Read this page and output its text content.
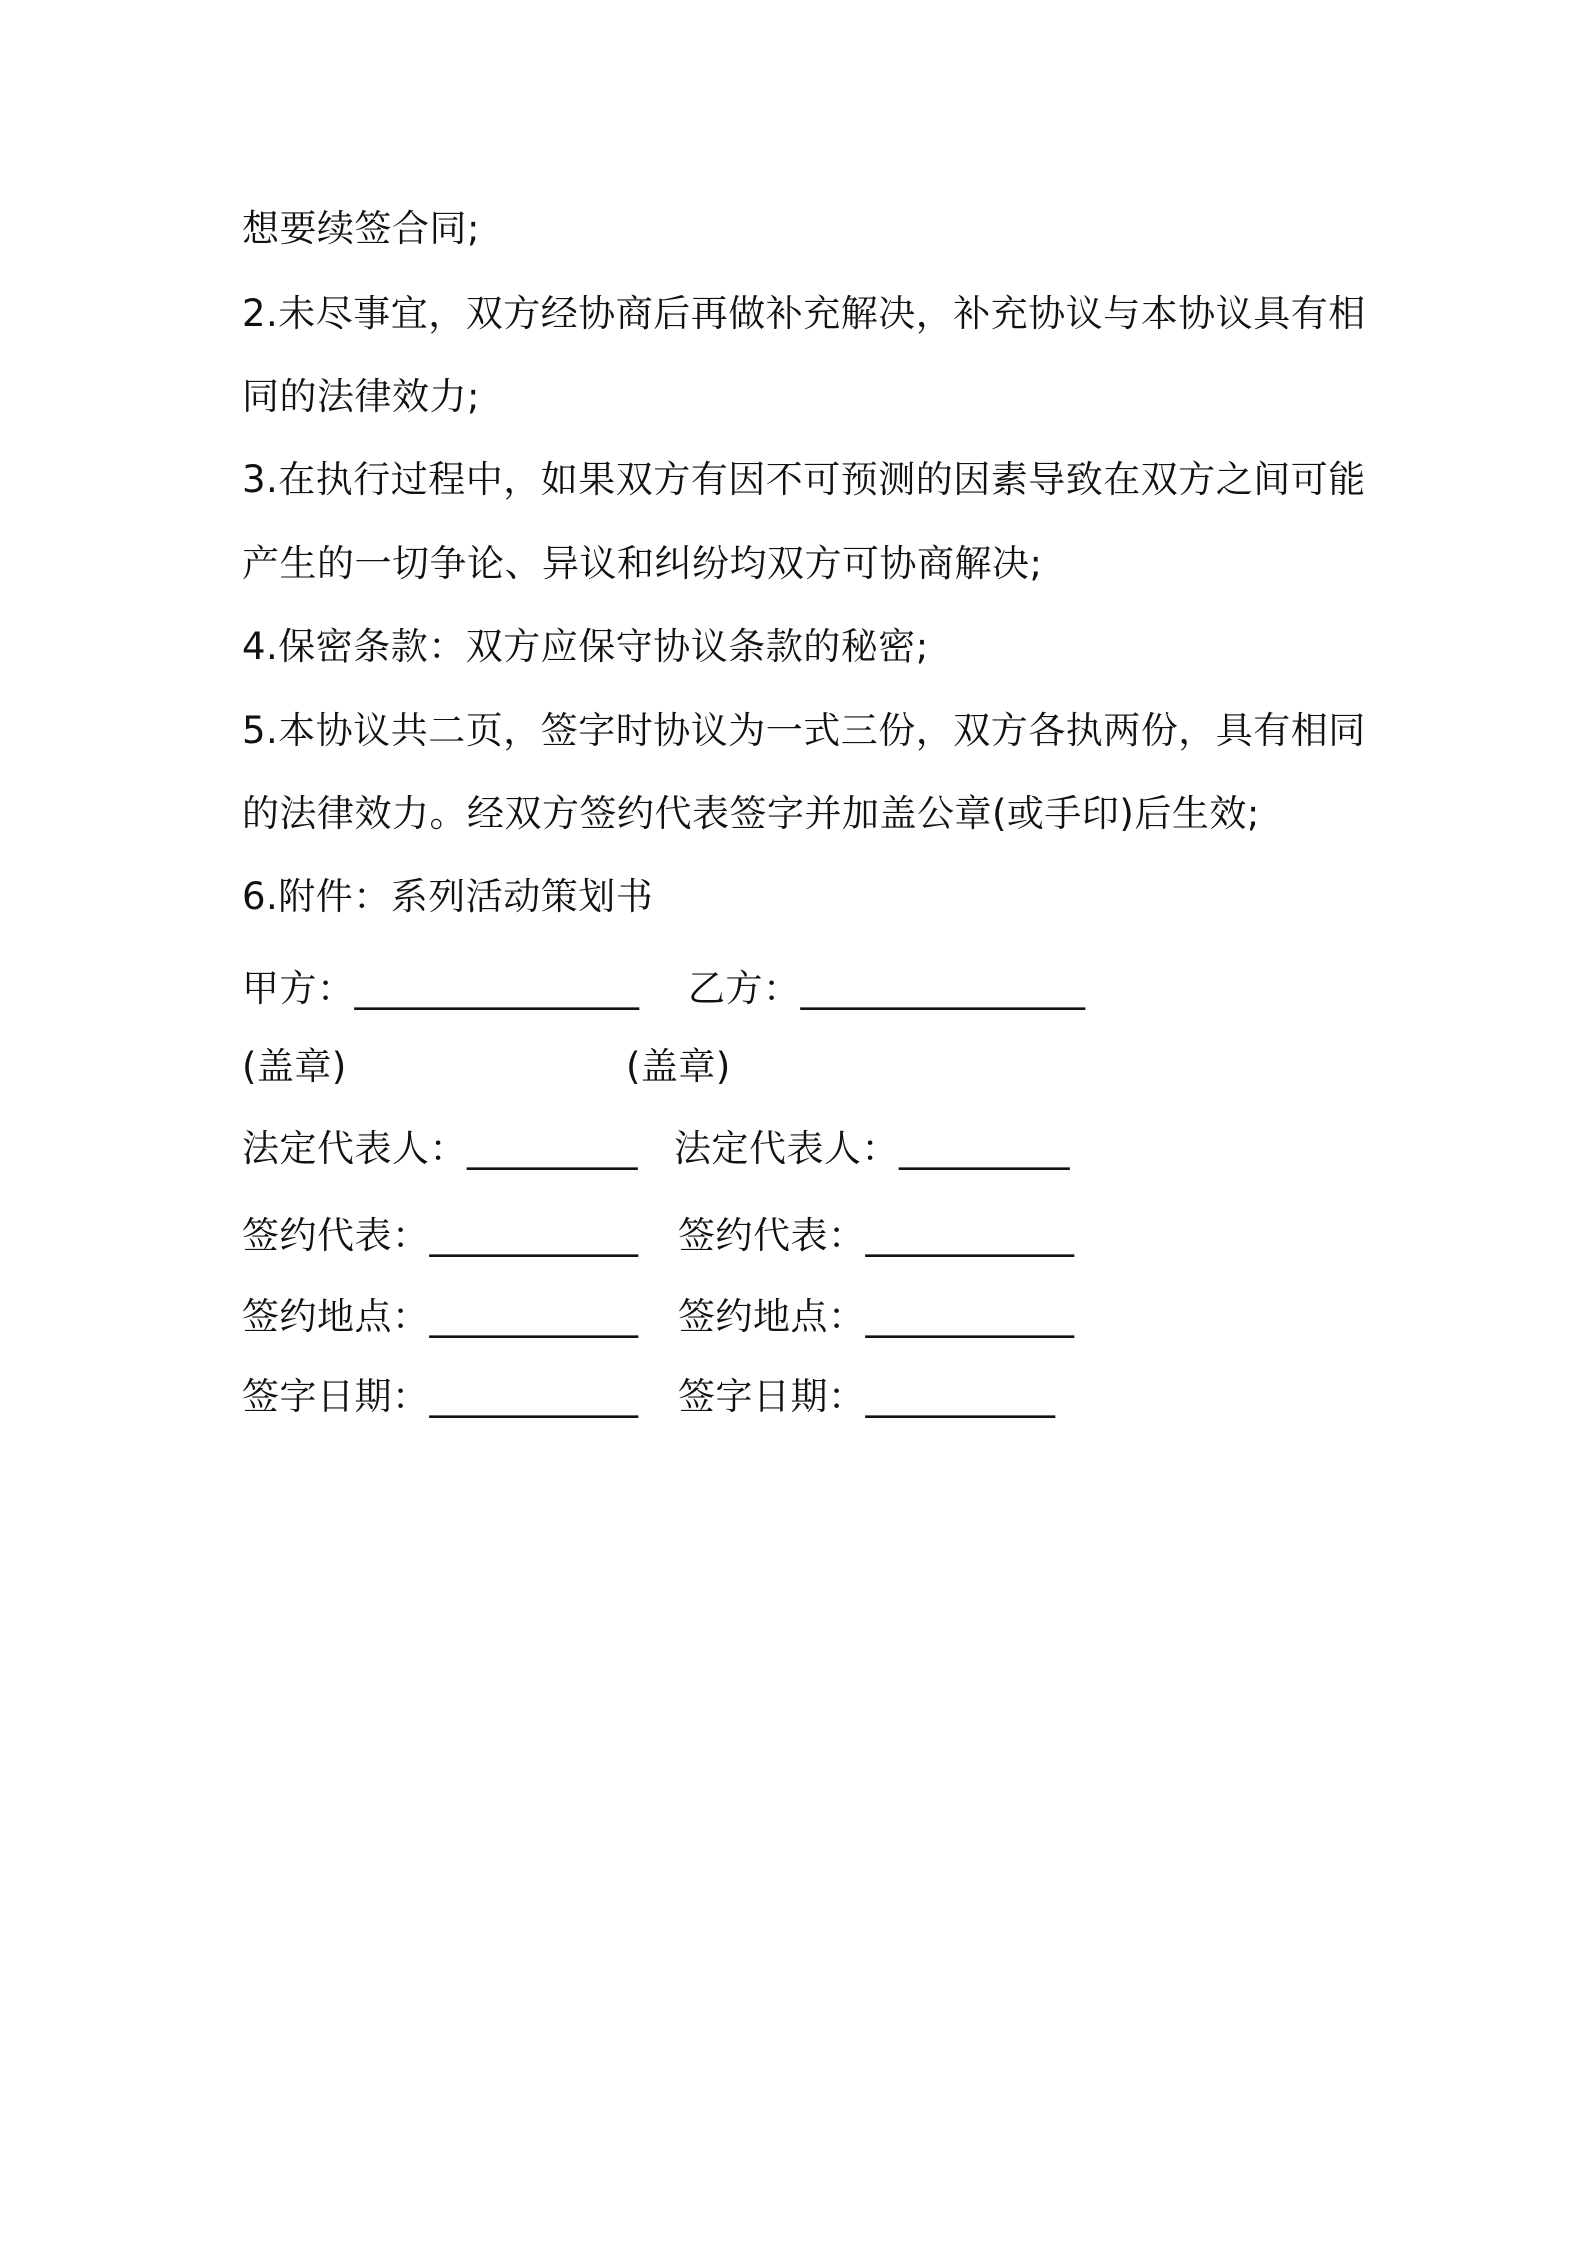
想要续签合同;
2.未尽事宜，双方经协商后再做补充解决，补充协议与本协议具有相
同的法律效力;
3.在执行过程中，如果双方有因不可预测的因素导致在双方之间可能
产生的一切争论、异议和纠纷均双方可协商解决;
4.保密条款：双方应保守协议条款的秘密;
5.本协议共二页，签字时协议为一式三份，双方各执两份，具有相同
的法律效力。经双方签约代表签字并加盖公章(或手印)后生效;
6.附件：系列活动策划书
甲方：_______________ 乙方：_______________
(盖章)	(盖章)
法定代表人：_________ 法定代表人：_________
签约代表：___________ 签约代表：___________
签约地点：___________ 签约地点：___________
签字日期：___________ 签字日期：__________
